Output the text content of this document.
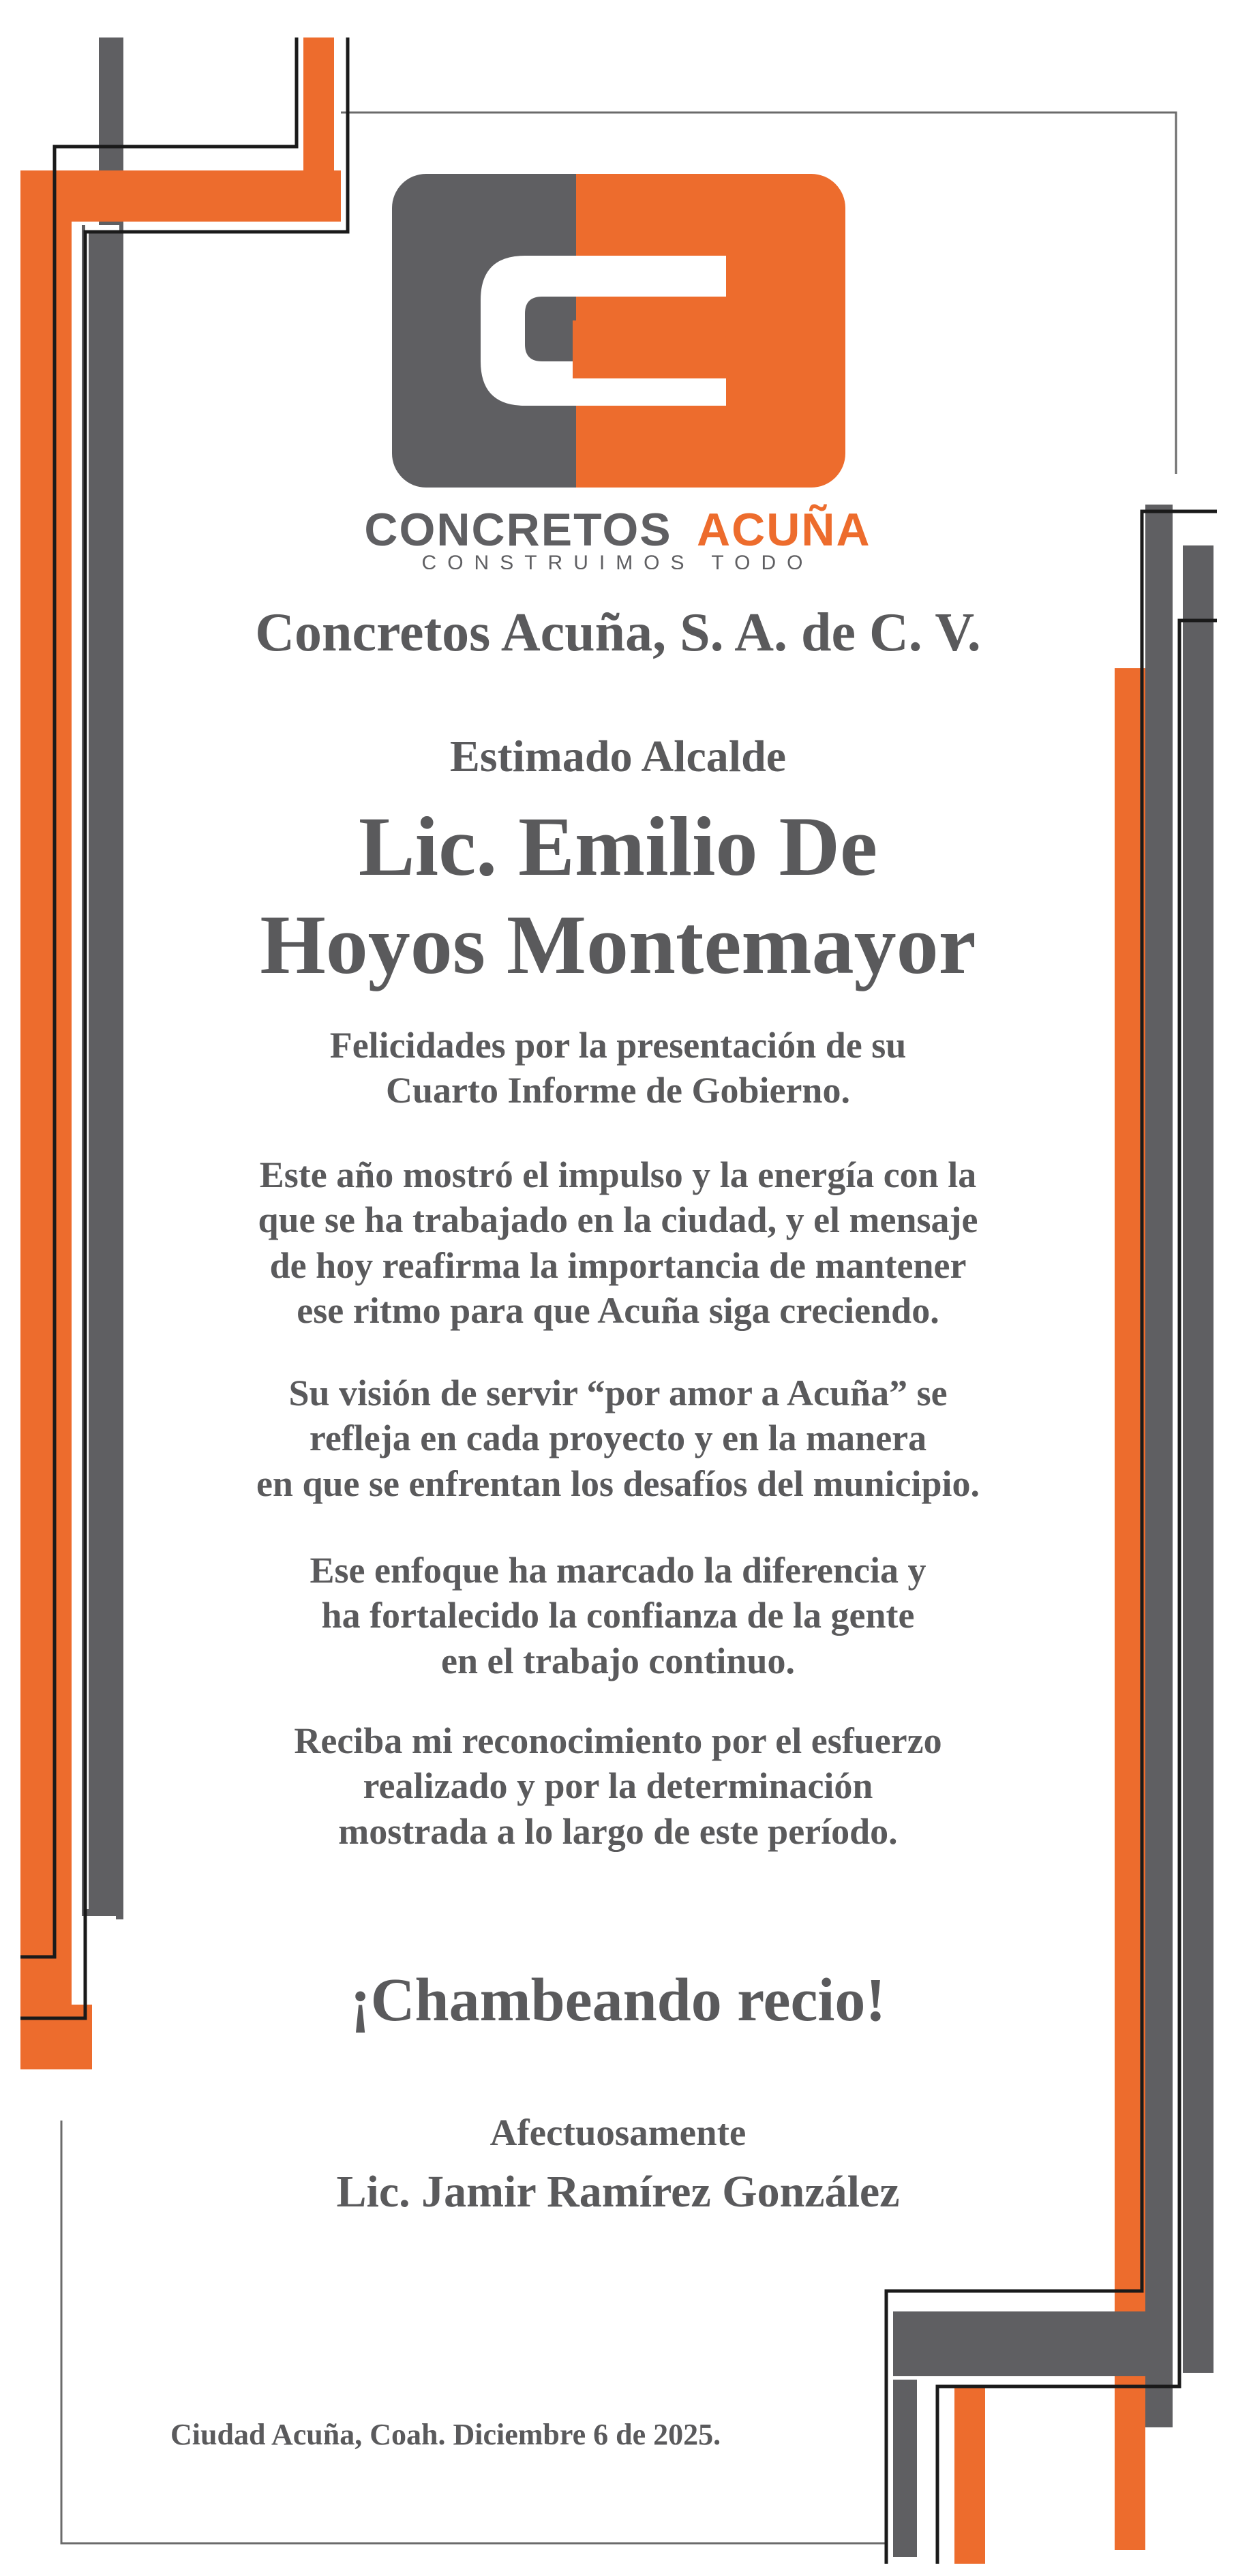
CONCRETOS ACUÑA
CONSTRUIMOS TODO
Concretos Acuña, S. A. de C. V.
Estimado Alcalde
Lic. Emilio De
Hoyos Montemayor
Felicidades por la presentación de su
Cuarto Informe de Gobierno.
Este año mostró el impulso y la energía con la
que se ha trabajado en la ciudad, y el mensaje
de hoy reafirma la importancia de mantener
ese ritmo para que Acuña siga creciendo.
Su visión de servir “por amor a Acuña” se
refleja en cada proyecto y en la manera
en que se enfrentan los desafíos del municipio.
Ese enfoque ha marcado la diferencia y
ha fortalecido la confianza de la gente
en el trabajo continuo.
Reciba mi reconocimiento por el esfuerzo
realizado y por la determinación
mostrada a lo largo de este período.
¡Chambeando recio!
Afectuosamente
Lic. Jamir Ramírez González
Ciudad Acuña, Coah. Diciembre 6 de 2025.
